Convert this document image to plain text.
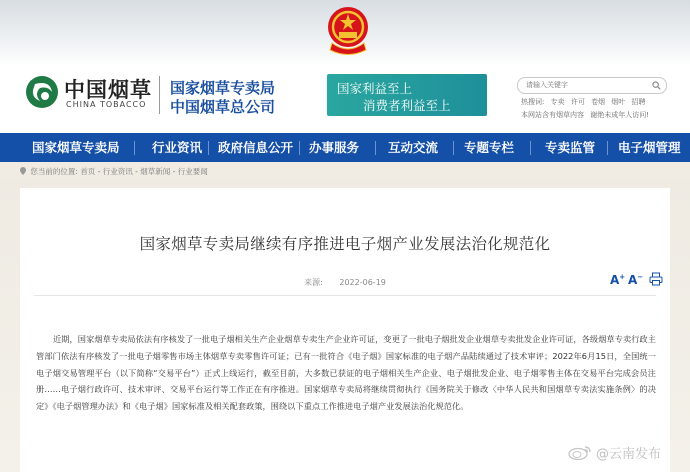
中国烟草
CHINA TOBACCO
国家烟草专卖局
中国烟草总公司
国家利益至上
消费者利益至上
请输入关键字	热搜词: 专卖 许可 卷烟 烟叶 招聘
本网站含有烟草内容 谢绝未成年人访问!
国家烟草专卖局	行业资讯 政府信息公开 办事服务 互动交流 专题专栏 专卖监管 电子烟管理
您当前的位置: 首页 - 行业资讯 - 烟草新闻 - 行业要闻
国家烟草专卖局继续有序推进电子烟产业发展法治化规范化
来源: 2022-06-19	A+ A−
近期，国家烟草专卖局依法有序核发了一批电子烟相关生产企业烟草专卖生产企业许可证，变更了一批电子烟批发企业烟草专卖批发企业许可证，各级烟草专卖行政主管部门依法有序核发了一批电子烟零售市场主体烟草专卖零售许可证；已有一批符合《电子烟》国家标准的电子烟产品陆续通过了技术审评；2022年6月15日，全国统一电子烟交易管理平台（以下简称“交易平台”）正式上线运行，截至目前，大多数已获证的电子烟相关生产企业、电子烟批发企业、电子烟零售主体在交易平台完成会员注册……电子烟行政许可、技术审评、交易平台运行等工作正在有序推进。国家烟草专卖局将继续贯彻执行《国务院关于修改〈中华人民共和国烟草专卖法实施条例〉的决定》《电子烟管理办法》和《电子烟》国家标准及相关配套政策，围绕以下重点工作推进电子烟产业发展法治化规范化。
@云南发布
